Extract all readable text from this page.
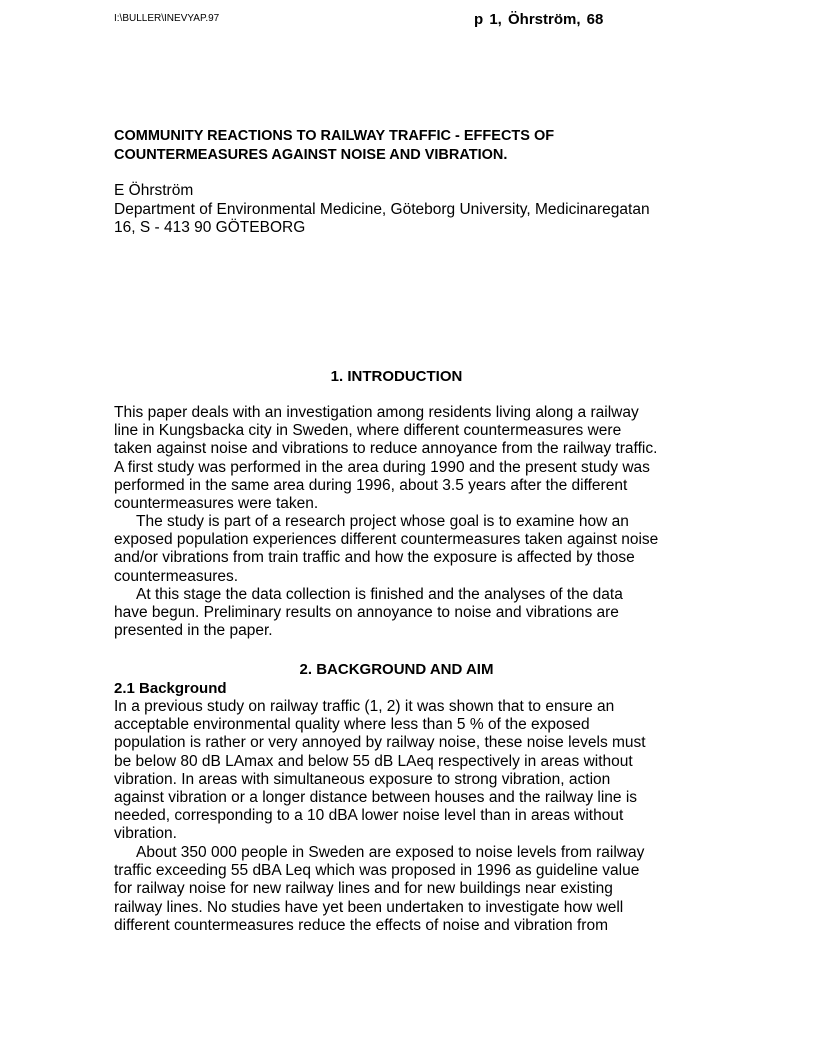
I:\BULLER\INEVYAP.97	p 1, Öhrström, 68
COMMUNITY REACTIONS TO RAILWAY TRAFFIC - EFFECTS OF
COUNTERMEASURES AGAINST NOISE AND VIBRATION.
E Öhrström
Department of Environmental Medicine, Göteborg University, Medicinaregatan
16, S - 413 90 GÖTEBORG
1. INTRODUCTION
This paper deals with an investigation among residents living along a railway
line in Kungsbacka city in Sweden, where different countermeasures were
taken against noise and vibrations to reduce annoyance from the railway traffic.
A first study was performed in the area during 1990 and the present study was
performed in the same area during 1996, about 3.5 years after the different
countermeasures were taken.
The study is part of a research project whose goal is to examine how an
exposed population experiences different countermeasures taken against noise
and/or vibrations from train traffic and how the exposure is affected by those
countermeasures.
At this stage the data collection is finished and the analyses of the data
have begun. Preliminary results on annoyance to noise and vibrations are
presented in the paper.
2. BACKGROUND AND AIM
2.1 Background
In a previous study on railway traffic (1, 2) it was shown that to ensure an
acceptable environmental quality where less than 5 % of the exposed
population is rather or very annoyed by railway noise, these noise levels must
be below 80 dB LAmax and below 55 dB LAeq respectively in areas without
vibration. In areas with simultaneous exposure to strong vibration, action
against vibration or a longer distance between houses and the railway line is
needed, corresponding to a 10 dBA lower noise level than in areas without
vibration.
About 350 000 people in Sweden are exposed to noise levels from railway
traffic exceeding 55 dBA Leq which was proposed in 1996 as guideline value
for railway noise for new railway lines and for new buildings near existing
railway lines. No studies have yet been undertaken to investigate how well
different countermeasures reduce the effects of noise and vibration from
